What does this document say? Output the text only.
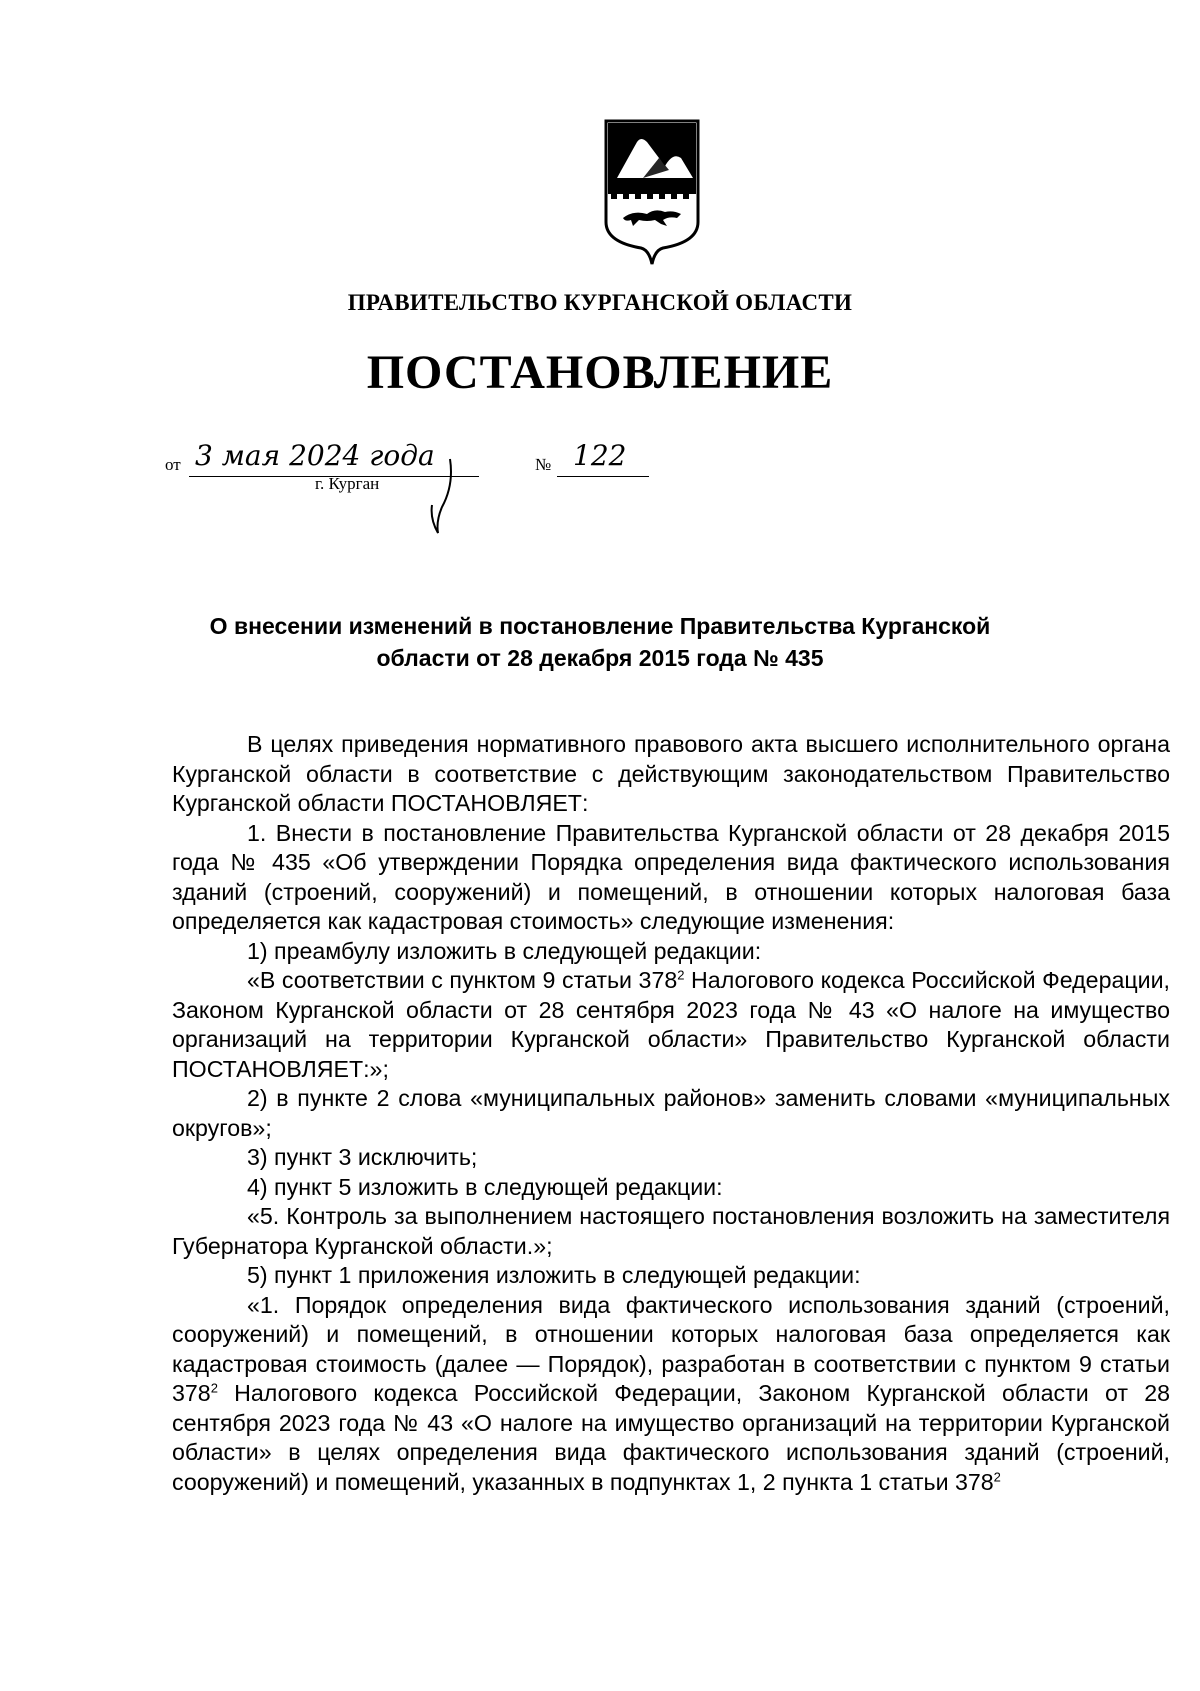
ПРАВИТЕЛЬСТВО КУРГАНСКОЙ ОБЛАСТИ
ПОСТАНОВЛЕНИЕ
от 3 мая 2024 года	№ 122
г. Курган
О внесении изменений в постановление Правительства Курганской
области от 28 декабря 2015 года № 435

В целях приведения нормативного правового акта высшего исполнительного органа Курганской области в соответствие с действующим законодательством Правительство Курганской области ПОСТАНОВЛЯЕТ:

1. Внести в постановление Правительства Курганской области от 28 декабря 2015 года № 435 «Об утверждении Порядка определения вида фактического использования зданий (строений, сооружений) и помещений, в отношении которых налоговая база определяется как кадастровая стоимость» следующие изменения:

1) преамбулу изложить в следующей редакции:

«В соответствии с пунктом 9 статьи $378^2$ Налогового кодекса Российской Федерации, Законом Курганской области от 28 сентября 2023 года № 43 «О налоге на имущество организаций на территории Курганской области» Правительство Курганской области ПОСТАНОВЛЯЕТ:»;

2) в пункте 2 слова «муниципальных районов» заменить словами «муниципальных округов»;

3) пункт 3 исключить;

4) пункт 5 изложить в следующей редакции:

«5. Контроль за выполнением настоящего постановления возложить на заместителя Губернатора Курганской области.»;

5) пункт 1 приложения изложить в следующей редакции:

«1. Порядок определения вида фактического использования зданий (строений, сооружений) и помещений, в отношении которых налоговая база определяется как кадастровая стоимость (далее — Порядок), разработан в соответствии с пунктом 9 статьи $378^2$ Налогового кодекса Российской Федерации, Законом Курганской области от 28 сентября 2023 года № 43 «О налоге на имущество организаций на территории Курганской области» в целях определения вида фактического использования зданий (строений, сооружений) и помещений, указанных в подпунктах 1, 2 пункта 1 статьи $378^2$
